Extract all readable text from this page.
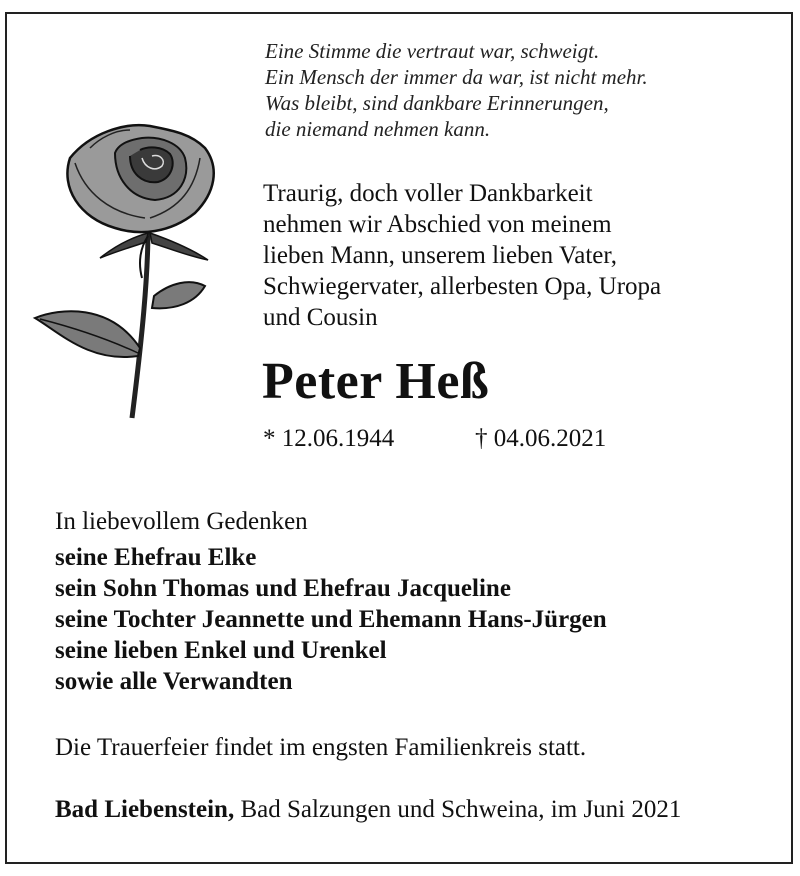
Eine Stimme die vertraut war, schweigt.
Ein Mensch der immer da war, ist nicht mehr.
Was bleibt, sind dankbare Erinnerungen,
die niemand nehmen kann.
Traurig, doch voller Dankbarkeit
nehmen wir Abschied von meinem
lieben Mann, unserem lieben Vater,
Schwiegervater, allerbesten Opa, Uropa
und Cousin
Peter Heß
* 12.06.1944	† 04.06.2021
In liebevollem Gedenken
seine Ehefrau Elke
sein Sohn Thomas und Ehefrau Jacqueline
seine Tochter Jeannette und Ehemann Hans-Jürgen
seine lieben Enkel und Urenkel
sowie alle Verwandten
Die Trauerfeier findet im engsten Familienkreis statt.
Bad Liebenstein, Bad Salzungen und Schweina, im Juni 2021
